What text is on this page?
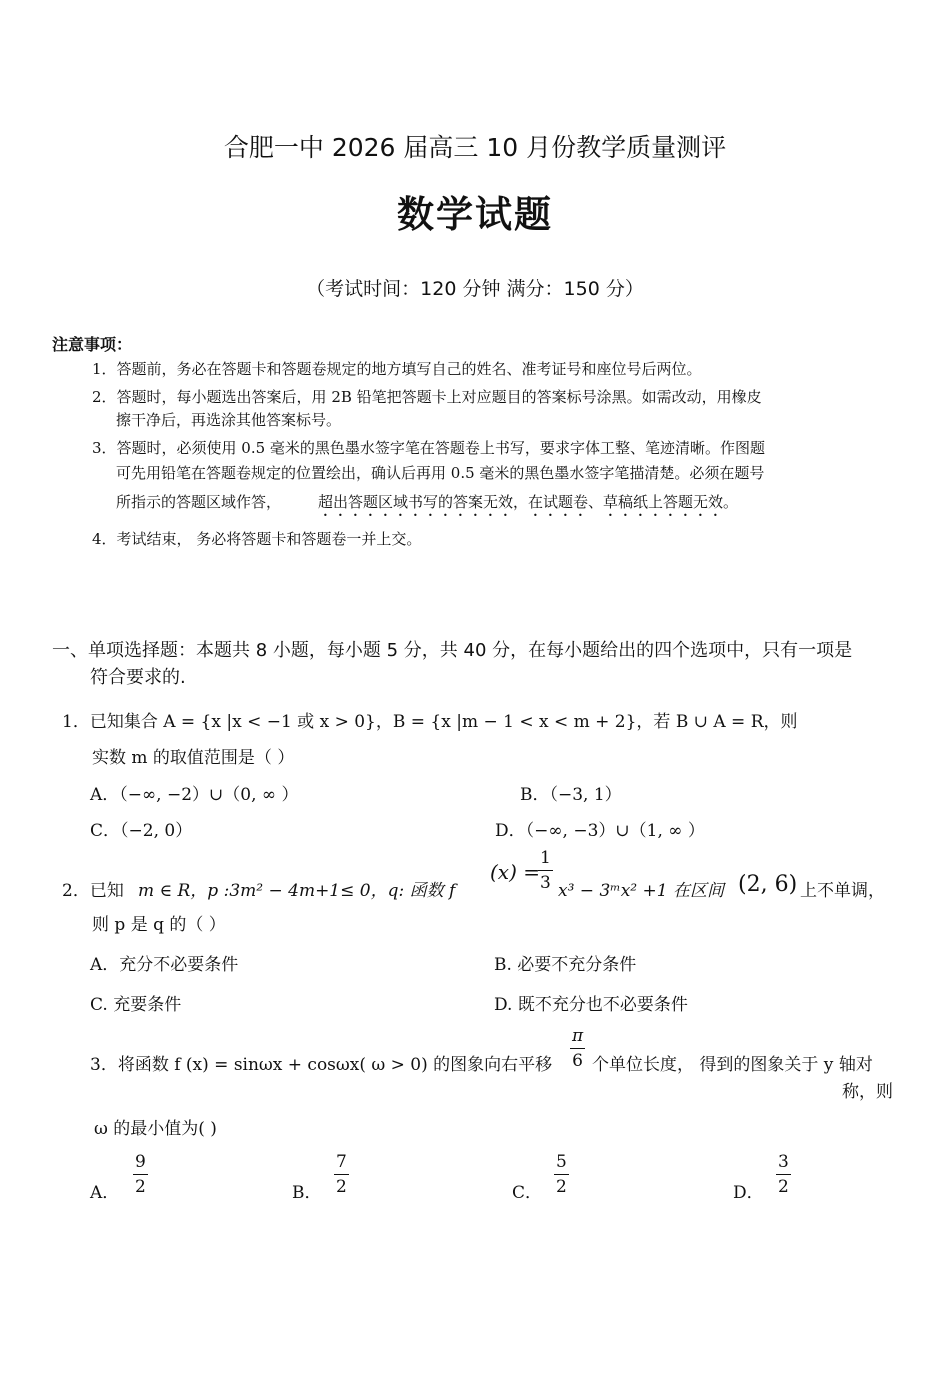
合肥一中 2026 届高三 10 月份教学质量测评
数学试题
（考试时间：120 分钟 满分：150 分）
注意事项：
1．答题前，务必在答题卡和答题卷规定的地方填写自己的姓名、准考证号和座位号后两位。
2．答题时，每小题选出答案后，用 2B 铅笔把答题卡上对应题目的答案标号涂黑。如需改动，用橡皮
擦干净后，再选涂其他答案标号。
3．答题时，必须使用 0.5 毫米的黑色墨水签字笔在答题卷上书写，要求字体工整、笔迹清晰。作图题
可先用铅笔在答题卷规定的位置绘出，确认后再用 0.5 毫米的黑色墨水签字笔描清楚。必须在题号
所指示的答题区域作答， 超出答题区域书写的答案无效，在试题卷、草稿纸上答题无效。
4．考试结束， 务必将答题卡和答题卷一并上交。
一、单项选择题：本题共 8 小题，每小题 5 分，共 40 分，在每小题给出的四个选项中，只有一项是
符合要求的.
1．已知集合 A = {x |x < −1 或 x > 0}，B = {x |m − 1 < x < m + 2}，若 B ∪ A = R，则
实数 m 的取值范围是（ ）
A．（−∞, −2）∪（0, ∞ ）	B．（−3, 1）
C．（−2, 0）	D．（−∞, −3）∪（1, ∞ ）
2．已知 m ∈ R，p :3m² − 4m+1≤ 0，q: 函数 f
(x) =
$\frac{1}{3} x^3$ − 3ᵐx² +1 在区间 (2, 6) 上不单调，
则 p 是 q 的（ ）
A．充分不必要条件	B. 必要不充分条件
C. 充要条件	D. 既不充分也不必要条件
3．将函数 f (x) = sinωx + cosωx( ω > 0) 的图象向右平移 $\frac{\pi}{6}$ 个单位长度， 得到的图象关于 y 轴对
称，则
ω 的最小值为( )
A． $\frac{9}{2}$	B． $\frac{7}{2}$	C． $\frac{5}{2}$	D． $\frac{3}{2}$
